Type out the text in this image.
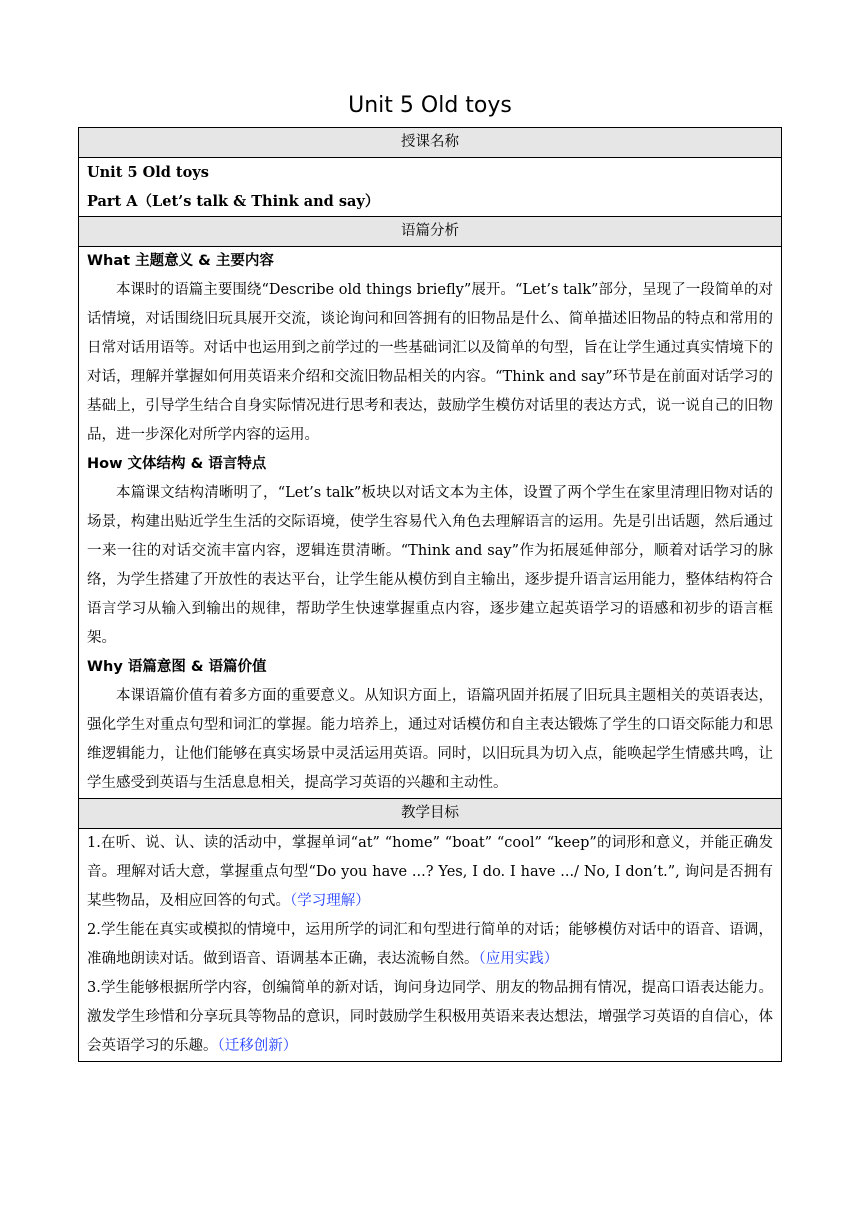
Unit 5 Old toys
授课名称

Unit 5 Old toys
Part A（Let’s talk & Think and say）

语篇分析

What 主题意义 & 主要内容

本课时的语篇主要围绕“Describe old things briefly”展开。“Let’s talk”部分，呈现了一段简单的对话情境，对话围绕旧玩具展开交流，谈论询问和回答拥有的旧物品是什么、简单描述旧物品的特点和常用的日常对话用语等。对话中也运用到之前学过的一些基础词汇以及简单的句型，旨在让学生通过真实情境下的对话，理解并掌握如何用英语来介绍和交流旧物品相关的内容。“Think and say”环节是在前面对话学习的基础上，引导学生结合自身实际情况进行思考和表达，鼓励学生模仿对话里的表达方式，说一说自己的旧物品，进一步深化对所学内容的运用。

How 文体结构 & 语言特点

本篇课文结构清晰明了，“Let’s talk”板块以对话文本为主体，设置了两个学生在家里清理旧物对话的场景，构建出贴近学生生活的交际语境，使学生容易代入角色去理解语言的运用。先是引出话题，然后通过一来一往的对话交流丰富内容，逻辑连贯清晰。“Think and say”作为拓展延伸部分，顺着对话学习的脉络，为学生搭建了开放性的表达平台，让学生能从模仿到自主输出，逐步提升语言运用能力，整体结构符合语言学习从输入到输出的规律，帮助学生快速掌握重点内容，逐步建立起英语学习的语感和初步的语言框架。

Why 语篇意图 & 语篇价值

本课语篇价值有着多方面的重要意义。从知识方面上，语篇巩固并拓展了旧玩具主题相关的英语表达，强化学生对重点句型和词汇的掌握。能力培养上，通过对话模仿和自主表达锻炼了学生的口语交际能力和思维逻辑能力，让他们能够在真实场景中灵活运用英语。同时，以旧玩具为切入点，能唤起学生情感共鸣，让学生感受到英语与生活息息相关，提高学习英语的兴趣和主动性。

教学目标

1.在听、说、认、读的活动中，掌握单词“at” “home” “boat” “cool” “keep”的词形和意义，并能正确发音。理解对话大意，掌握重点句型“Do you have ...? Yes, I do. I have .../ No, I don’t.”, 询问是否拥有某些物品，及相应回答的句式。（学习理解）

2.学生能在真实或模拟的情境中，运用所学的词汇和句型进行简单的对话；能够模仿对话中的语音、语调，准确地朗读对话。做到语音、语调基本正确，表达流畅自然。（应用实践）

3.学生能够根据所学内容，创编简单的新对话，询问身边同学、朋友的物品拥有情况，提高口语表达能力。激发学生珍惜和分享玩具等物品的意识，同时鼓励学生积极用英语来表达想法，增强学习英语的自信心，体会英语学习的乐趣。（迁移创新）
